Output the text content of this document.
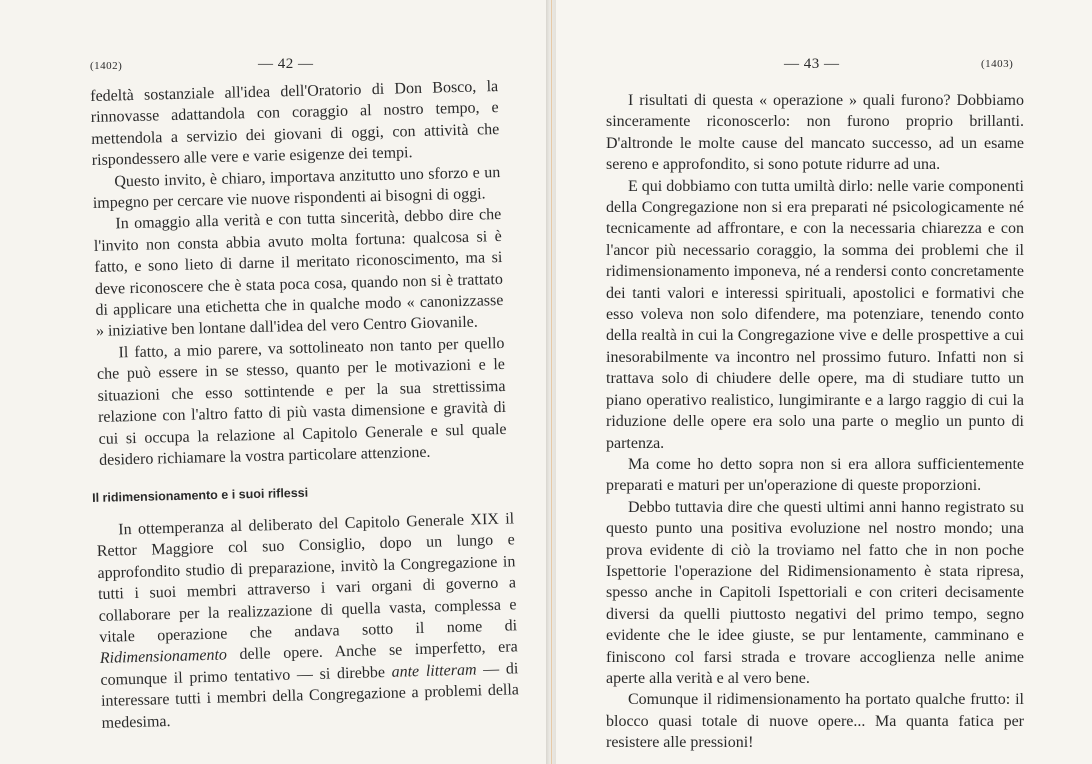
(1402)	— 42 —

fedeltà sostanziale all'idea dell'Oratorio di Don Bosco, la rinnovasse adattandola con coraggio al nostro tempo, e mettendola a servizio dei giovani di oggi, con attività che rispondessero alle vere e varie esigenze dei tempi.

Questo invito, è chiaro, importava anzitutto uno sforzo e un impegno per cercare vie nuove rispondenti ai bisogni di oggi.

In omaggio alla verità e con tutta sincerità, debbo dire che l'invito non consta abbia avuto molta fortuna: qualcosa si è fatto, e sono lieto di darne il meritato riconoscimento, ma si deve riconoscere che è stata poca cosa, quando non si è trattato di applicare una etichetta che in qualche modo « canonizzasse » iniziative ben lontane dall'idea del vero Centro Giovanile.

Il fatto, a mio parere, va sottolineato non tanto per quello che può essere in se stesso, quanto per le motivazioni e le situazioni che esso sottintende e per la sua strettissima relazione con l'altro fatto di più vasta dimensione e gravità di cui si occupa la relazione al Capitolo Generale e sul quale desidero richiamare la vostra particolare attenzione.

Il ridimensionamento e i suoi riflessi

In ottemperanza al deliberato del Capitolo Generale XIX il Rettor Maggiore col suo Consiglio, dopo un lungo e approfondito studio di preparazione, invitò la Congregazione in tutti i suoi membri attraverso i vari organi di governo a collaborare per la realizzazione di quella vasta, complessa e vitale operazione che andava sotto il nome di Ridimensionamento delle opere. Anche se imperfetto, era comunque il primo tentativo — si direbbe ante litteram — di interessare tutti i membri della Congregazione a problemi della medesima.

— 43 —	(1403)

I risultati di questa « operazione » quali furono? Dobbiamo sinceramente riconoscerlo: non furono proprio brillanti. D'altronde le molte cause del mancato successo, ad un esame sereno e approfondito, si sono potute ridurre ad una.

E qui dobbiamo con tutta umiltà dirlo: nelle varie componenti della Congregazione non si era preparati né psicologicamente né tecnicamente ad affrontare, e con la necessaria chiarezza e con l'ancor più necessario coraggio, la somma dei problemi che il ridimensionamento imponeva, né a rendersi conto concretamente dei tanti valori e interessi spirituali, apostolici e formativi che esso voleva non solo difendere, ma potenziare, tenendo conto della realtà in cui la Congregazione vive e delle prospettive a cui inesorabilmente va incontro nel prossimo futuro. Infatti non si trattava solo di chiudere delle opere, ma di studiare tutto un piano operativo realistico, lungimirante e a largo raggio di cui la riduzione delle opere era solo una parte o meglio un punto di partenza.

Ma come ho detto sopra non si era allora sufficientemente preparati e maturi per un'operazione di queste proporzioni.

Debbo tuttavia dire che questi ultimi anni hanno registrato su questo punto una positiva evoluzione nel nostro mondo; una prova evidente di ciò la troviamo nel fatto che in non poche Ispettorie l'operazione del Ridimensionamento è stata ripresa, spesso anche in Capitoli Ispettoriali e con criteri decisamente diversi da quelli piuttosto negativi del primo tempo, segno evidente che le idee giuste, se pur lentamente, camminano e finiscono col farsi strada e trovare accoglienza nelle anime aperte alla verità e al vero bene.

Comunque il ridimensionamento ha portato qualche frutto: il blocco quasi totale di nuove opere... Ma quanta fatica per resistere alle pressioni!
